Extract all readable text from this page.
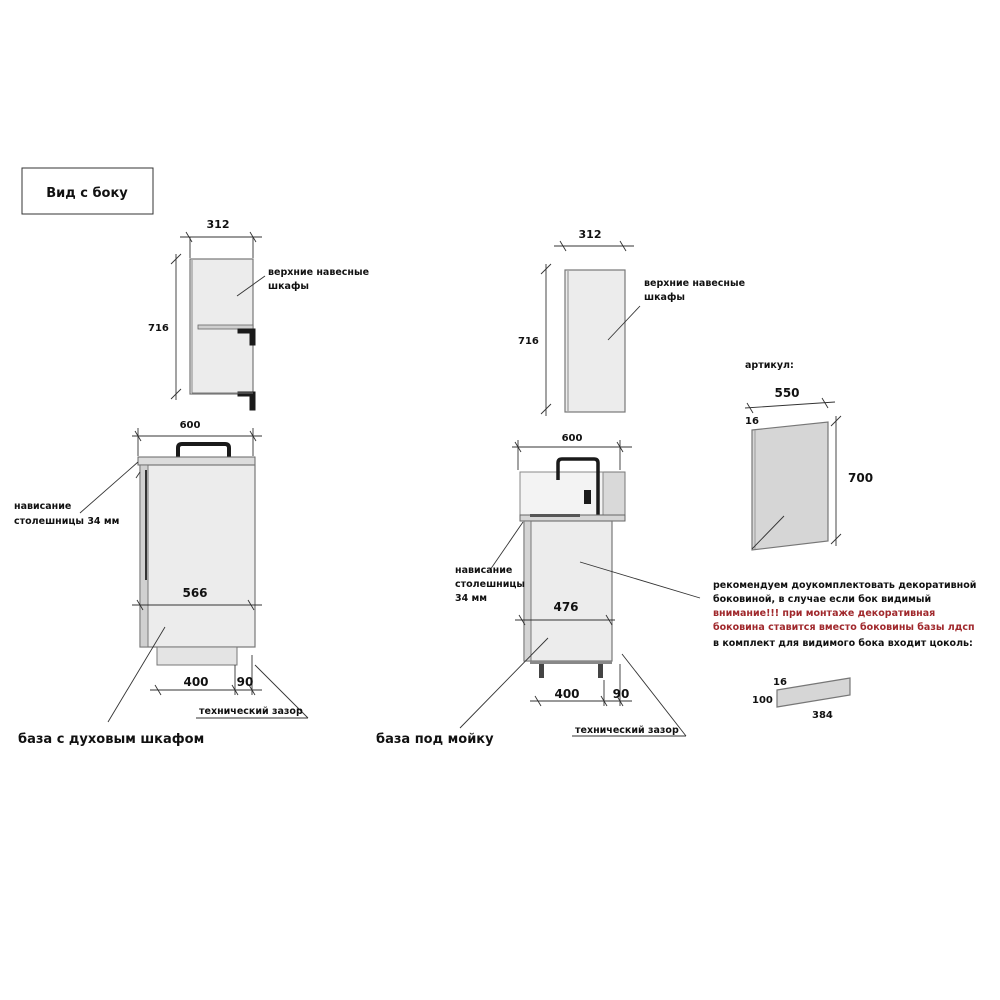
Вид с боку
312
716
верхние навесные
шкафы
600
566
нависание
столешницы 34 мм
400 90
технический зазор
база с духовым шкафом
312
716
верхние навесные
шкафы
600
476
нависание
столешницы
34 мм
400	90
технический зазор
база под мойку
артикул:
550
16
700
рекомендуем доукомплектовать декоративной
боковиной, в случае если бок видимый
внимание!!! при монтаже декоративная
боковина ставится вместо боковины базы лдсп
в комплект для видимого бока входит цоколь:
16
100
384
